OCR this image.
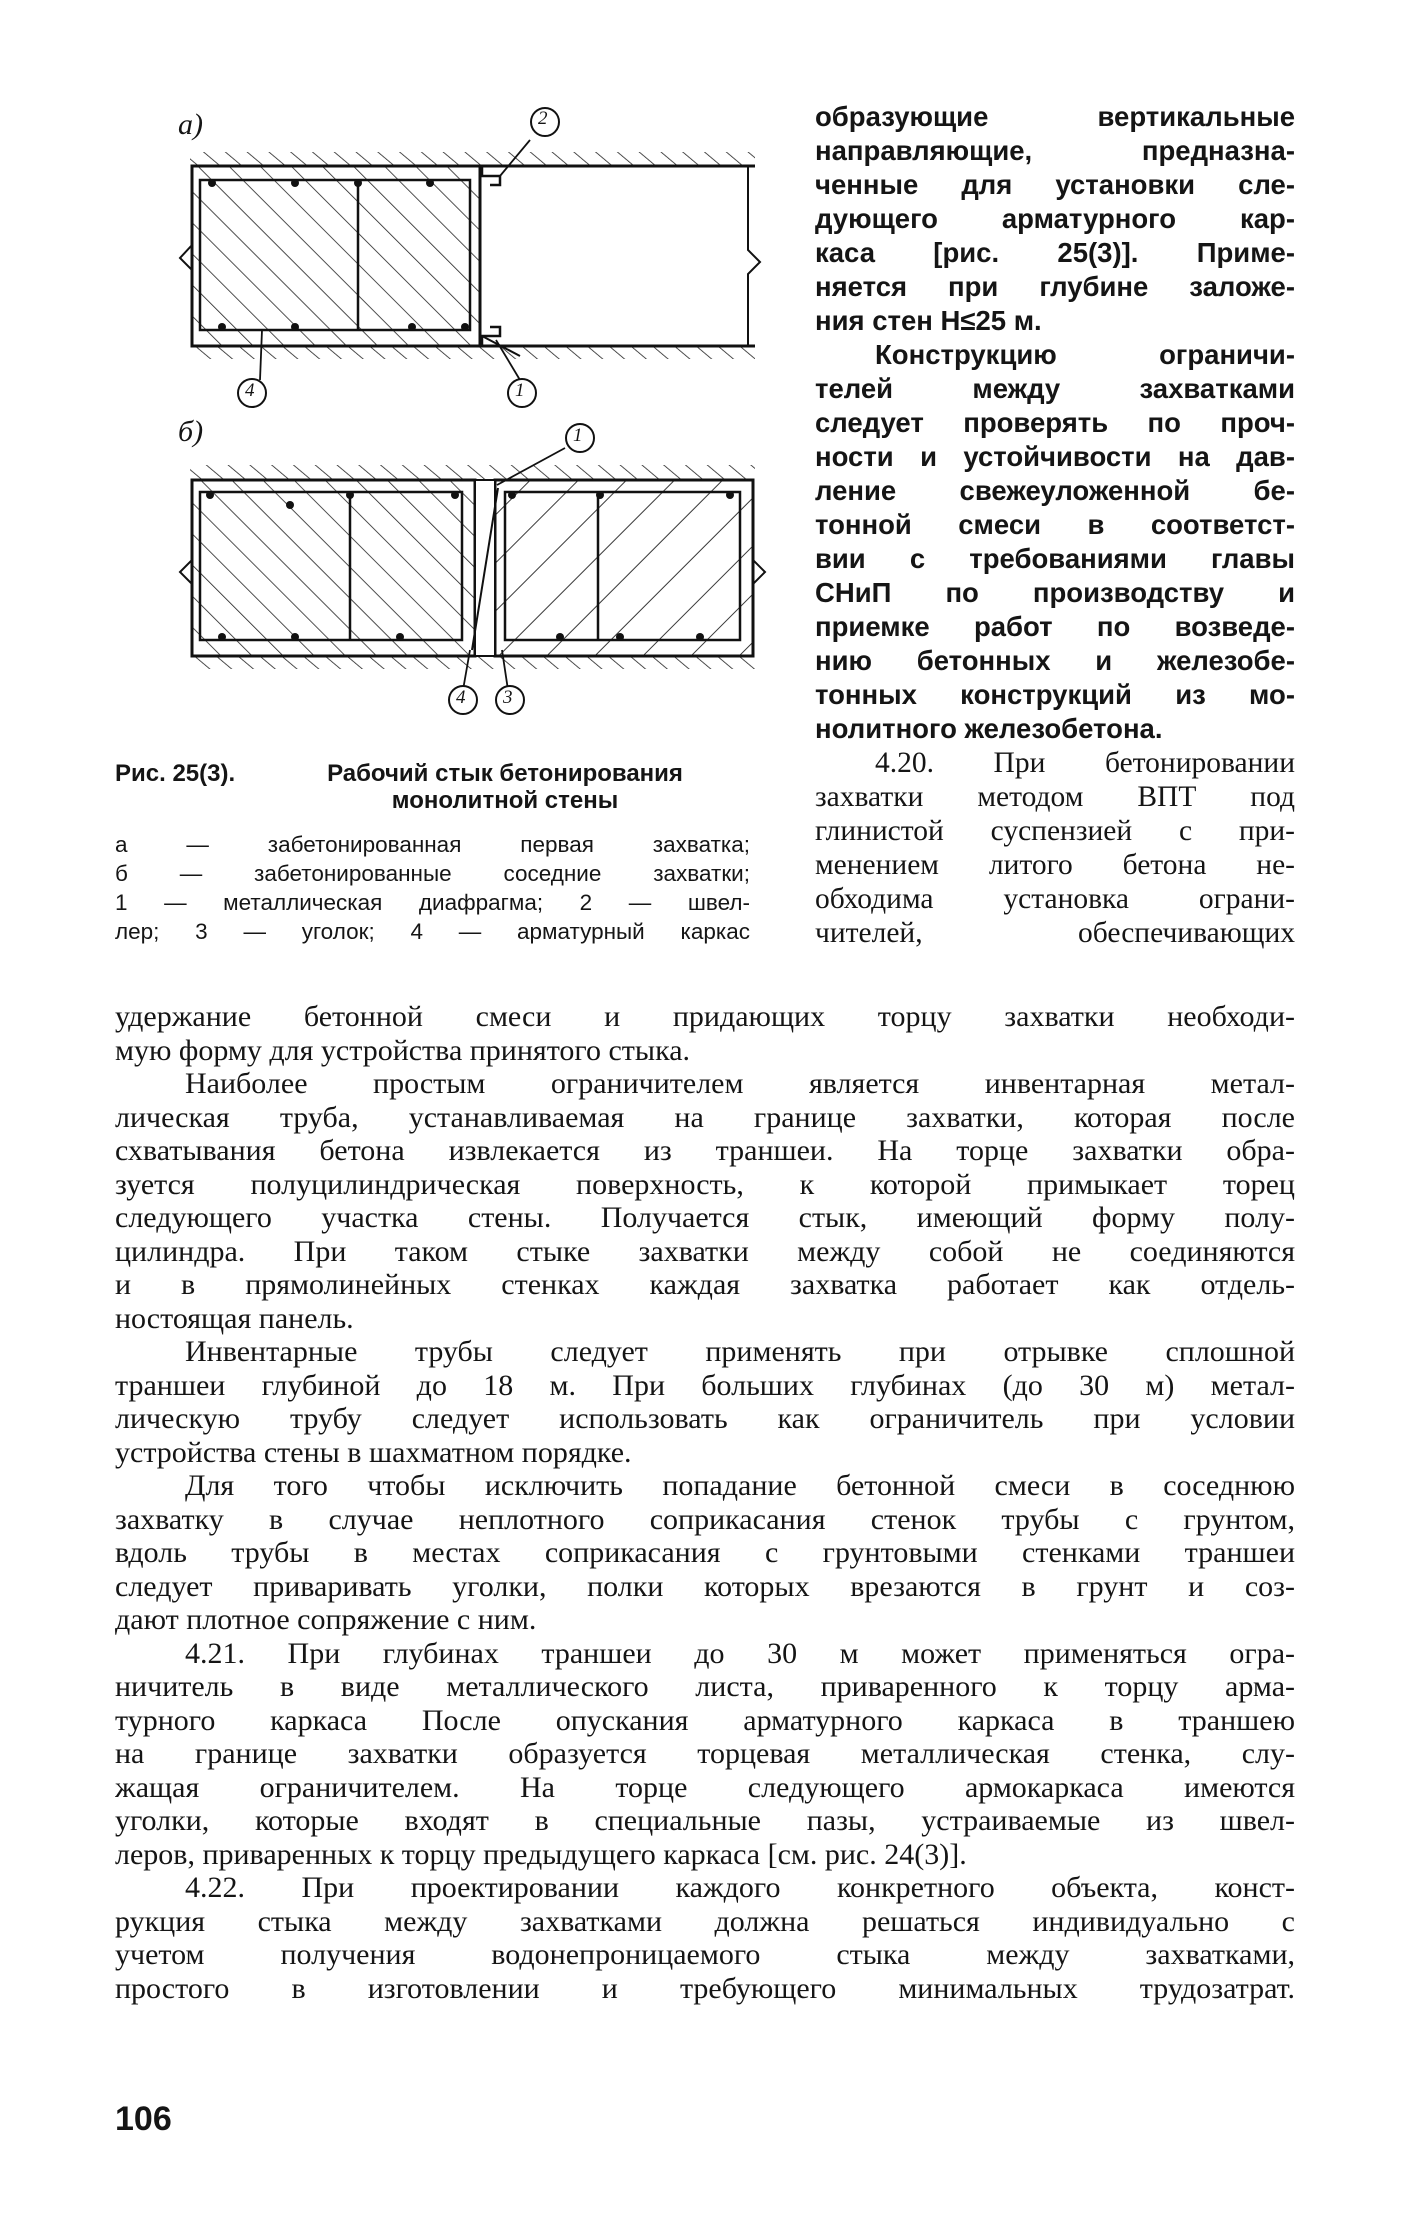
а)
б)
2
4	1
1
4 3
Рис. 25(3).	Рабочий стык бетонирования
монолитной стены
а — забетонированная первая захватка;
б — забетонированные соседние захватки;
1 — металлическая диафрагма; 2 — швел-
лер; 3 — уголок; 4 — арматурный каркас
образующие вертикальные
направляющие, предназна-
ченные для установки сле-
дующего арматурного кар-
каса [рис. 25(3)]. Приме-
няется при глубине заложе-
ния стен H≤25 м.
Конструкцию ограничи-
телей между захватками
следует проверять по проч-
ности и устойчивости на дав-
ление свежеуложенной бе-
тонной смеси в соответст-
вии с требованиями главы
СНиП по производству и
приемке работ по возведе-
нию бетонных и железобе-
тонных конструкций из мо-
нолитного железобетона.
4.20. При бетонировании
захватки методом ВПТ под
глинистой суспензией с при-
менением литого бетона не-
обходима установка ограни-
чителей, обеспечивающих
удержание бетонной смеси и придающих торцу захватки необходи-
мую форму для устройства принятого стыка.
Наиболее простым ограничителем является инвентарная метал-
лическая труба, устанавливаемая на границе захватки, которая после
схватывания бетона извлекается из траншеи. На торце захватки обра-
зуется полуцилиндрическая поверхность, к которой примыкает торец
следующего участка стены. Получается стык, имеющий форму полу-
цилиндра. При таком стыке захватки между собой не соединяются
и в прямолинейных стенках каждая захватка работает как отдель-
ностоящая панель.
Инвентарные трубы следует применять при отрывке сплошной
траншеи глубиной до 18 м. При больших глубинах (до 30 м) метал-
лическую трубу следует использовать как ограничитель при условии
устройства стены в шахматном порядке.
Для того чтобы исключить попадание бетонной смеси в соседнюю
захватку в случае неплотного соприкасания стенок трубы с грунтом,
вдоль трубы в местах соприкасания с грунтовыми стенками траншеи
следует приваривать уголки, полки которых врезаются в грунт и соз-
дают плотное сопряжение с ним.
4.21. При глубинах траншеи до 30 м может применяться огра-
ничитель в виде металлического листа, приваренного к торцу арма-
турного каркаса После опускания арматурного каркаса в траншею
на границе захватки образуется торцевая металлическая стенка, слу-
жащая ограничителем. На торце следующего армокаркаса имеются
уголки, которые входят в специальные пазы, устраиваемые из швел-
леров, приваренных к торцу предыдущего каркаса [см. рис. 24(3)].
4.22. При проектировании каждого конкретного объекта, конст-
рукция стыка между захватками должна решаться индивидуально с
учетом получения водонепроницаемого стыка между захватками,
простого в изготовлении и требующего минимальных трудозатрат.
106
